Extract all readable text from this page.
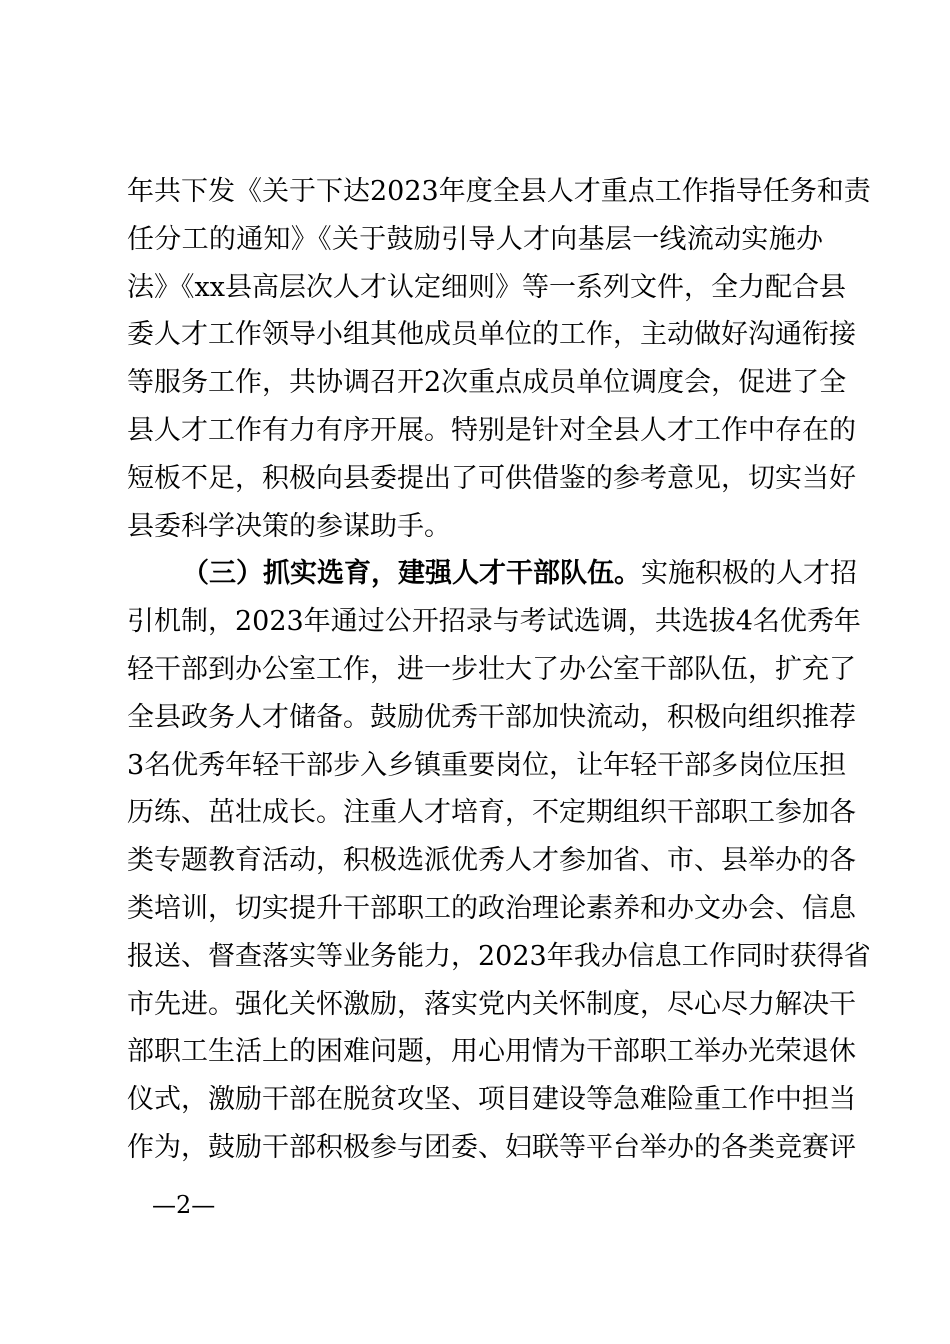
年共下发《关于下达2023年度全县人才重点工作指导任务和责
任分工的通知》《关于鼓励引导人才向基层一线流动实施办
法》《xx县高层次人才认定细则》等一系列文件，全力配合县
委人才工作领导小组其他成员单位的工作，主动做好沟通衔接
等服务工作，共协调召开2次重点成员单位调度会，促进了全
县人才工作有力有序开展。特别是针对全县人才工作中存在的
短板不足，积极向县委提出了可供借鉴的参考意见，切实当好
县委科学决策的参谋助手。
（三）抓实选育，建强人才干部队伍。实施积极的人才招
引机制，2023年通过公开招录与考试选调，共选拔4名优秀年
轻干部到办公室工作，进一步壮大了办公室干部队伍，扩充了
全县政务人才储备。鼓励优秀干部加快流动，积极向组织推荐
3名优秀年轻干部步入乡镇重要岗位，让年轻干部多岗位压担
历练、茁壮成长。注重人才培育，不定期组织干部职工参加各
类专题教育活动，积极选派优秀人才参加省、市、县举办的各
类培训，切实提升干部职工的政治理论素养和办文办会、信息
报送、督查落实等业务能力，2023年我办信息工作同时获得省
市先进。强化关怀激励，落实党内关怀制度，尽心尽力解决干
部职工生活上的困难问题，用心用情为干部职工举办光荣退休
仪式，激励干部在脱贫攻坚、项目建设等急难险重工作中担当
作为，鼓励干部积极参与团委、妇联等平台举办的各类竞赛评
—2—
